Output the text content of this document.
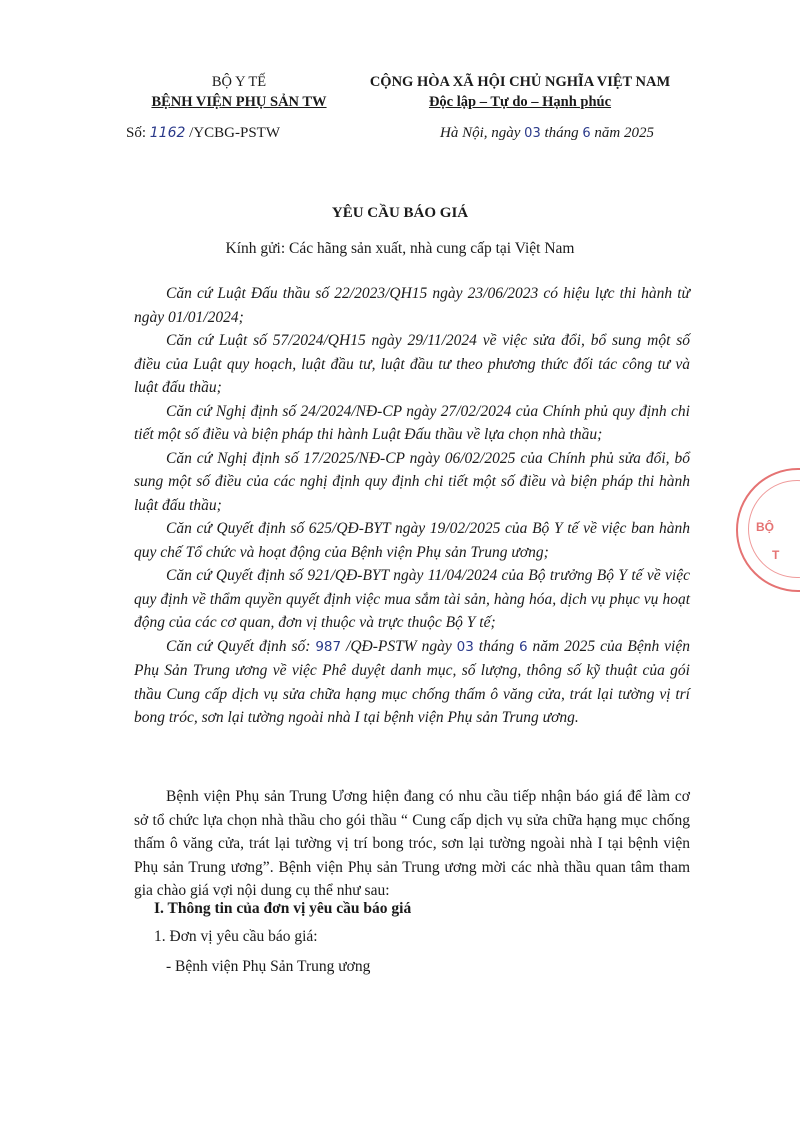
BỘ Y TẾ
BỆNH VIỆN PHỤ SẢN TW
CỘNG HÒA XÃ HỘI CHỦ NGHĨA VIỆT NAM
Độc lập – Tự do – Hạnh phúc
Số: 1162 /YCBG-PSTW	Hà Nội, ngày 03 tháng 6 năm 2025
YÊU CẦU BÁO GIÁ
Kính gửi: Các hãng sản xuất, nhà cung cấp tại Việt Nam

Căn cứ Luật Đấu thầu số 22/2023/QH15 ngày 23/06/2023 có hiệu lực thi hành từ ngày 01/01/2024;

Căn cứ Luật số 57/2024/QH15 ngày 29/11/2024 về việc sửa đổi, bổ sung một số điều của Luật quy hoạch, luật đầu tư, luật đầu tư theo phương thức đối tác công tư và luật đấu thầu;

Căn cứ Nghị định số 24/2024/NĐ-CP ngày 27/02/2024 của Chính phủ quy định chi tiết một số điều và biện pháp thi hành Luật Đấu thầu về lựa chọn nhà thầu;

Căn cứ Nghị định số 17/2025/NĐ-CP ngày 06/02/2025 của Chính phủ sửa đổi, bổ sung một số điều của các nghị định quy định chi tiết một số điều và biện pháp thi hành luật đấu thầu;

Căn cứ Quyết định số 625/QĐ-BYT ngày 19/02/2025 của Bộ Y tế về việc ban hành quy chế Tổ chức và hoạt động của Bệnh viện Phụ sản Trung ương;

Căn cứ Quyết định số 921/QĐ-BYT ngày 11/04/2024 của Bộ trưởng Bộ Y tế về việc quy định về thẩm quyền quyết định việc mua sắm tài sản, hàng hóa, dịch vụ phục vụ hoạt động của các cơ quan, đơn vị thuộc và trực thuộc Bộ Y tế;

Căn cứ Quyết định số: 987 /QĐ-PSTW ngày 03 tháng 6 năm 2025 của Bệnh viện Phụ Sản Trung ương về việc Phê duyệt danh mục, số lượng, thông số kỹ thuật của gói thầu Cung cấp dịch vụ sửa chữa hạng mục chống thấm ô văng cửa, trát lại tường vị trí bong tróc, sơn lại tường ngoài nhà I tại bệnh viện Phụ sản Trung ương.

Bệnh viện Phụ sản Trung Ương hiện đang có nhu cầu tiếp nhận báo giá để làm cơ sở tổ chức lựa chọn nhà thầu cho gói thầu “ Cung cấp dịch vụ sửa chữa hạng mục chống thấm ô văng cửa, trát lại tường vị trí bong tróc, sơn lại tường ngoài nhà I tại bệnh viện Phụ sản Trung ương”. Bệnh viện Phụ sản Trung ương mời các nhà thầu quan tâm tham gia chào giá vợi nội dung cụ thể như sau:

I. Thông tin của đơn vị yêu cầu báo giá
1. Đơn vị yêu cầu báo giá:
- Bệnh viện Phụ Sản Trung ương
BỘ
T
